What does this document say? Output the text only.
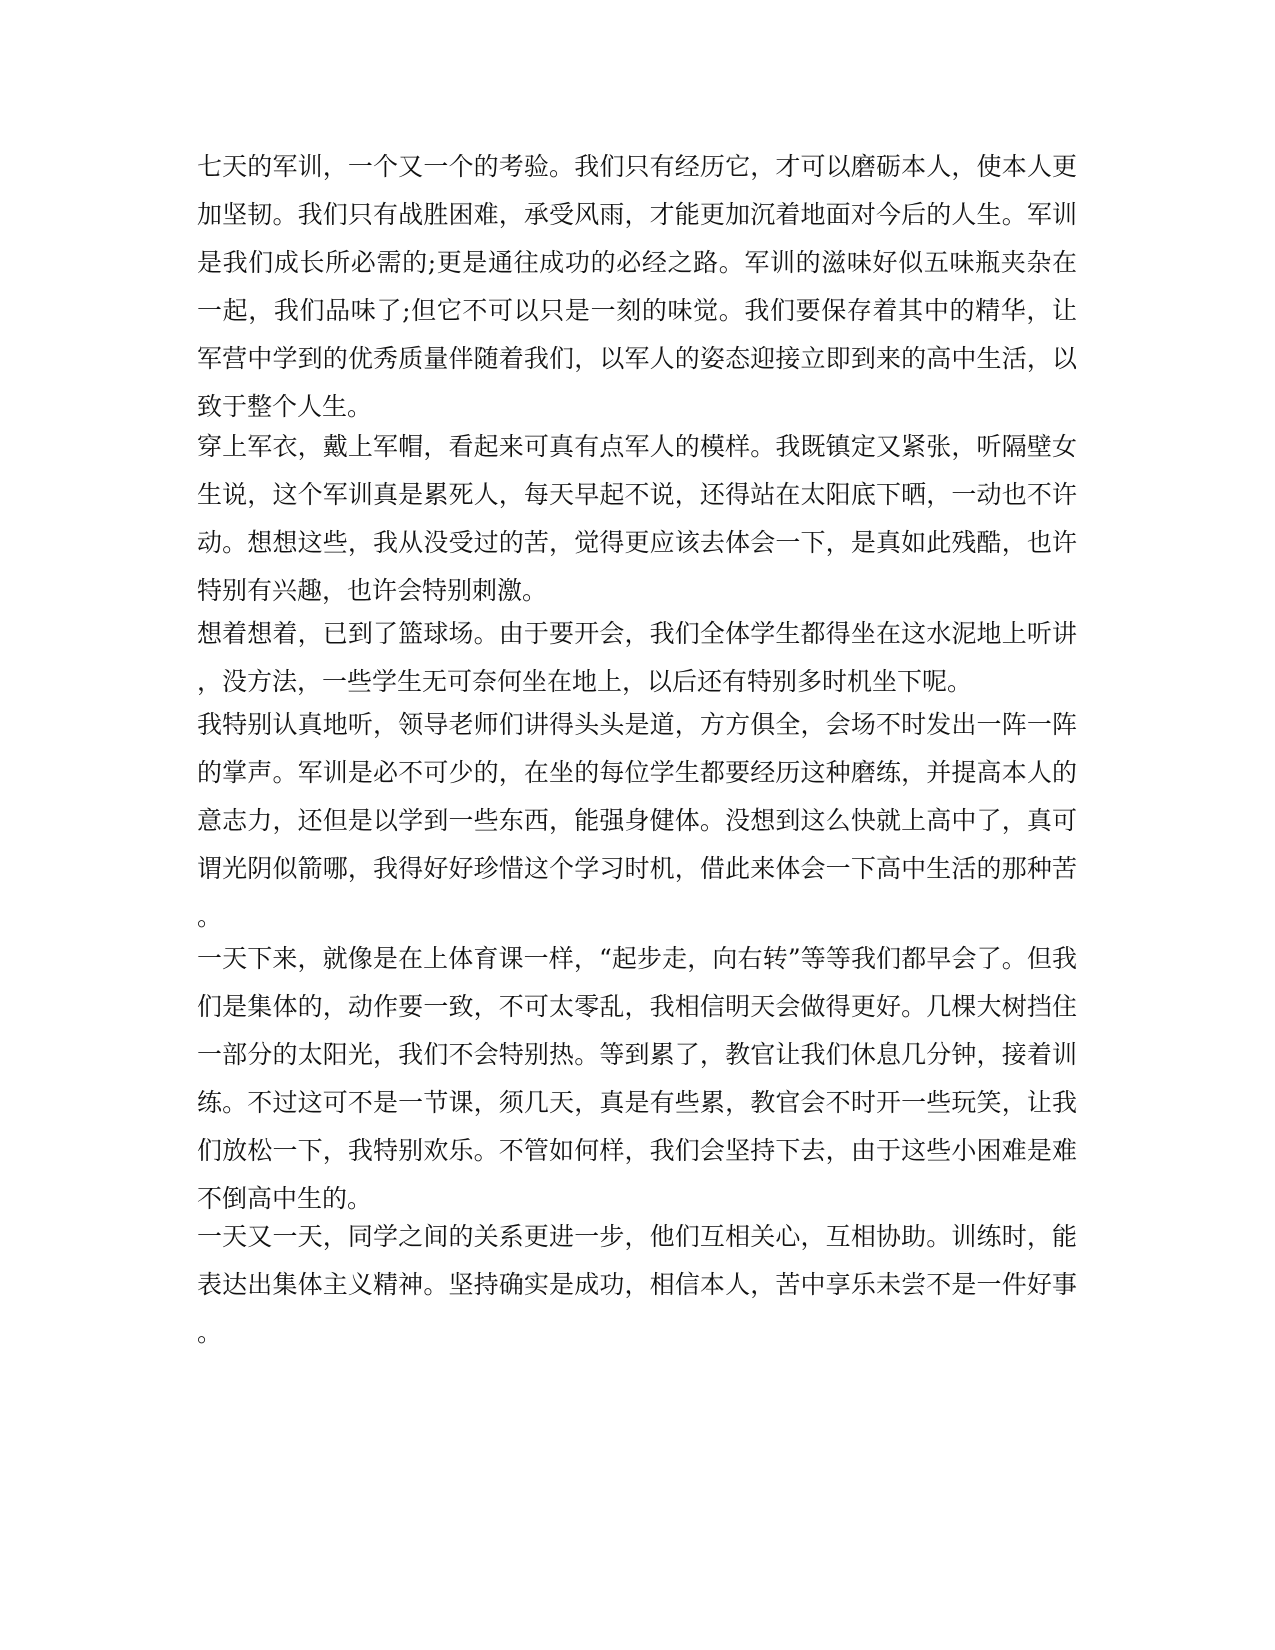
七天的军训，一个又一个的考验。我们只有经历它，才可以磨砺本人，使本人更
加坚韧。我们只有战胜困难，承受风雨，才能更加沉着地面对今后的人生。军训
是我们成长所必需的;更是通往成功的必经之路。军训的滋味好似五味瓶夹杂在
一起，我们品味了;但它不可以只是一刻的味觉。我们要保存着其中的精华，让
军营中学到的优秀质量伴随着我们，以军人的姿态迎接立即到来的高中生活，以
致于整个人生。
穿上军衣，戴上军帽，看起来可真有点军人的模样。我既镇定又紧张，听隔壁女
生说，这个军训真是累死人，每天早起不说，还得站在太阳底下晒，一动也不许
动。想想这些，我从没受过的苦，觉得更应该去体会一下，是真如此残酷，也许
特别有兴趣，也许会特别刺激。
想着想着，已到了篮球场。由于要开会，我们全体学生都得坐在这水泥地上听讲
，没方法，一些学生无可奈何坐在地上，以后还有特别多时机坐下呢。
我特别认真地听，领导老师们讲得头头是道，方方俱全，会场不时发出一阵一阵
的掌声。军训是必不可少的，在坐的每位学生都要经历这种磨练，并提高本人的
意志力，还但是以学到一些东西，能强身健体。没想到这么快就上高中了，真可
谓光阴似箭哪，我得好好珍惜这个学习时机，借此来体会一下高中生活的那种苦
。
一天下来，就像是在上体育课一样，“起步走，向右转”等等我们都早会了。但我
们是集体的，动作要一致，不可太零乱，我相信明天会做得更好。几棵大树挡住
一部分的太阳光，我们不会特别热。等到累了，教官让我们休息几分钟，接着训
练。不过这可不是一节课，须几天，真是有些累，教官会不时开一些玩笑，让我
们放松一下，我特别欢乐。不管如何样，我们会坚持下去，由于这些小困难是难
不倒高中生的。
一天又一天，同学之间的关系更进一步，他们互相关心，互相协助。训练时，能
表达出集体主义精神。坚持确实是成功，相信本人，苦中享乐未尝不是一件好事
。
